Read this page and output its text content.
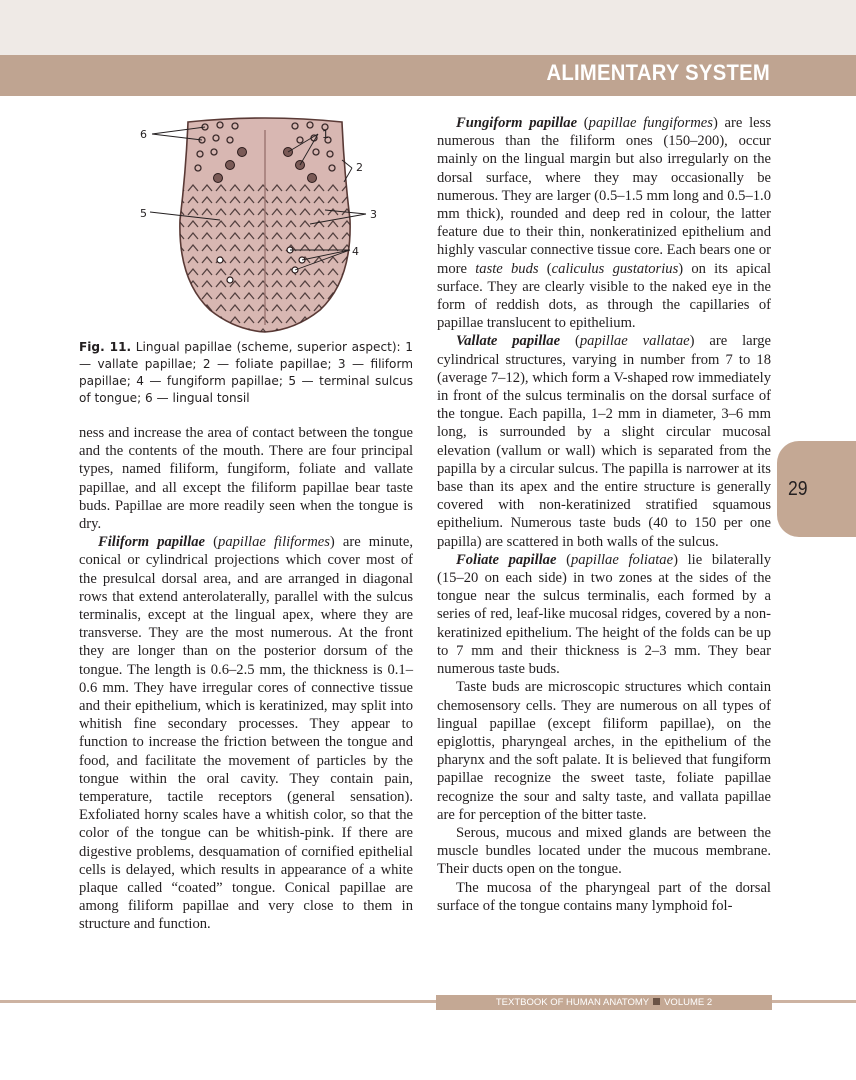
ALIMENTARY SYSTEM
6	1
2
5	3
4
Fig. 11. Lingual papillae (scheme, superior aspect): 1 — vallate papillae; 2 — foliate papillae; 3 — filiform papillae; 4 — fungiform papillae; 5 — terminal sulcus of tongue; 6 — lingual tonsil

ness and increase the area of contact between the tongue and the contents of the mouth. There are four principal types, named filiform, fungiform, foliate and vallate papillae, and all except the filiform papillae bear taste buds. Papillae are more readily seen when the tongue is dry.

Filiform papillae (papillae filiformes) are minute, conical or cylindrical projections which cover most of the presulcal dorsal area, and are arranged in diagonal rows that extend anterolaterally, parallel with the sulcus terminalis, except at the lingual apex, where they are transverse. They are the most numerous. At the front they are longer than on the posterior dorsum of the tongue. The length is 0.6–2.5 mm, the thickness is 0.1–0.6 mm. They have irregular cores of connective tissue and their epithelium, which is keratinized, may split into whitish fine secondary processes. They appear to function to increase the friction between the tongue and food, and facilitate the movement of particles by the tongue within the oral cavity. They contain pain, temperature, tactile receptors (general sensation). Exfoliated horny scales have a whitish color, so that the color of the tongue can be whitish-pink. If there are digestive problems, desquamation of cornified epithelial cells is delayed, which results in appearance of a white plaque called “coated” tongue. Conical papillae are among filiform papillae and very close to them in structure and function.

Fungiform papillae (papillae fungiformes) are less numerous than the filiform ones (150–200), occur mainly on the lingual margin but also irregularly on the dorsal surface, where they may occasionally be numerous. They are larger (0.5–1.5 mm long and 0.5–1.0 mm thick), rounded and deep red in colour, the latter feature due to their thin, nonkeratinized epithelium and highly vascular connective tissue core. Each bears one or more taste buds (caliculus gustatorius) on its apical surface. They are clearly visible to the naked eye in the form of reddish dots, as through the capillaries of papillae translucent to epithelium.

Vallate papillae (papillae vallatae) are large cylindrical structures, varying in number from 7 to 18 (average 7–12), which form a V-shaped row immediately in front of the sulcus terminalis on the dorsal surface of the tongue. Each papilla, 1–2 mm in diameter, 3–6 mm long, is surrounded by a slight circular mucosal elevation (vallum or wall) which is separated from the papilla by a circular sulcus. The papilla is narrower at its base than its apex and the entire structure is generally covered with non-keratinized stratified squamous epithelium. Numerous taste buds (40 to 150 per one papilla) are scattered in both walls of the sulcus.

Foliate papillae (papillae foliatae) lie bilaterally (15–20 on each side) in two zones at the sides of the tongue near the sulcus terminalis, each formed by a series of red, leaf-like mucosal ridges, covered by a non-keratinized epithelium. The height of the folds can be up to 7 mm and their thickness is 2–3 mm. They bear numerous taste buds.

Taste buds are microscopic structures which contain chemosensory cells. They are numerous on all types of lingual papillae (except filiform papillae), on the epiglottis, pharyngeal arches, in the epithelium of the pharynx and the soft palate. It is believed that fungiform papillae recognize the sweet taste, foliate papillae recognize the sour and salty taste, and vallata papillae are for perception of the bitter taste.

Serous, mucous and mixed glands are between the muscle bundles located under the mucous membrane. Their ducts open on the tongue.

The mucosa of the pharyngeal part of the dorsal surface of the tongue contains many lymphoid fol-

29
TEXTBOOK OF HUMAN ANATOMY VOLUME 2
